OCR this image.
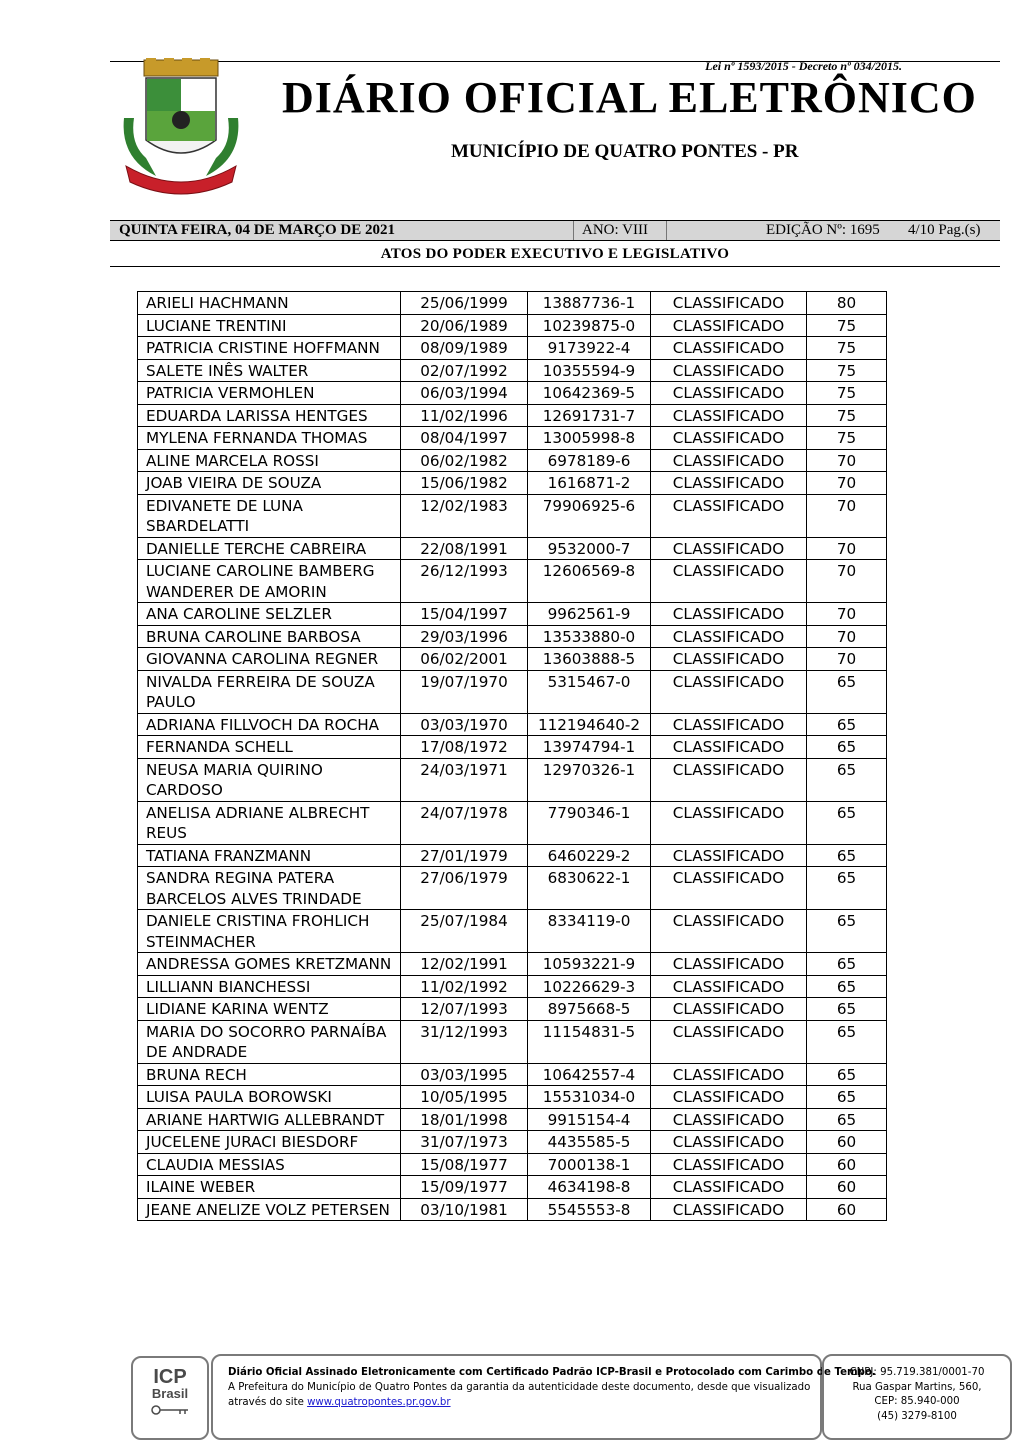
Lei nº 1593/2015 - Decreto nº 034/2015.
DIÁRIO OFICIAL ELETRÔNICO
MUNICÍPIO DE QUATRO PONTES - PR
QUINTA FEIRA, 04 DE MARÇO DE 2021	ANO: VIII	EDIÇÃO Nº: 1695 4/10 Pag.(s)
ATOS DO PODER EXECUTIVO E LEGISLATIVO
ARIELI HACHMANN	25/06/1999	13887736-1	CLASSIFICADO	80
LUCIANE TRENTINI	20/06/1989	10239875-0	CLASSIFICADO	75
PATRICIA CRISTINE HOFFMANN	08/09/1989	9173922-4	CLASSIFICADO	75
SALETE INÊS WALTER	02/07/1992	10355594-9	CLASSIFICADO	75
PATRICIA VERMOHLEN	06/03/1994	10642369-5	CLASSIFICADO	75
EDUARDA LARISSA HENTGES	11/02/1996	12691731-7	CLASSIFICADO	75
MYLENA FERNANDA THOMAS	08/04/1997	13005998-8	CLASSIFICADO	75
ALINE MARCELA ROSSI	06/02/1982	6978189-6	CLASSIFICADO	70
JOAB VIEIRA DE SOUZA	15/06/1982	1616871-2	CLASSIFICADO	70
EDIVANETE DE LUNA SBARDELATTI	12/02/1983	79906925-6	CLASSIFICADO	70
DANIELLE TERCHE CABREIRA	22/08/1991	9532000-7	CLASSIFICADO	70
LUCIANE CAROLINE BAMBERG WANDERER DE AMORIN	26/12/1993	12606569-8	CLASSIFICADO	70
ANA CAROLINE SELZLER	15/04/1997	9962561-9	CLASSIFICADO	70
BRUNA CAROLINE BARBOSA	29/03/1996	13533880-0	CLASSIFICADO	70
GIOVANNA CAROLINA REGNER	06/02/2001	13603888-5	CLASSIFICADO	70
NIVALDA FERREIRA DE SOUZA PAULO	19/07/1970	5315467-0	CLASSIFICADO	65
ADRIANA FILLVOCH DA ROCHA	03/03/1970	112194640-2	CLASSIFICADO	65
FERNANDA SCHELL	17/08/1972	13974794-1	CLASSIFICADO	65
NEUSA MARIA QUIRINO CARDOSO	24/03/1971	12970326-1	CLASSIFICADO	65
ANELISA ADRIANE ALBRECHT REUS	24/07/1978	7790346-1	CLASSIFICADO	65
TATIANA FRANZMANN	27/01/1979	6460229-2	CLASSIFICADO	65
SANDRA REGINA PATERA BARCELOS ALVES TRINDADE	27/06/1979	6830622-1	CLASSIFICADO	65
DANIELE CRISTINA FROHLICH STEINMACHER	25/07/1984	8334119-0	CLASSIFICADO	65
ANDRESSA GOMES KRETZMANN	12/02/1991	10593221-9	CLASSIFICADO	65
LILLIANN BIANCHESSI	11/02/1992	10226629-3	CLASSIFICADO	65
LIDIANE KARINA WENTZ	12/07/1993	8975668-5	CLASSIFICADO	65
MARIA DO SOCORRO PARNAÍBA DE ANDRADE	31/12/1993	11154831-5	CLASSIFICADO	65
BRUNA RECH	03/03/1995	10642557-4	CLASSIFICADO	65
LUISA PAULA BOROWSKI	10/05/1995	15531034-0	CLASSIFICADO	65
ARIANE HARTWIG ALLEBRANDT	18/01/1998	9915154-4	CLASSIFICADO	65
JUCELENE JURACI BIESDORF	31/07/1973	4435585-5	CLASSIFICADO	60
CLAUDIA MESSIAS	15/08/1977	7000138-1	CLASSIFICADO	60
ILAINE WEBER	15/09/1977	4634198-8	CLASSIFICADO	60
JEANE ANELIZE VOLZ PETERSEN	03/10/1981	5545553-8	CLASSIFICADO	60
ICP
Brasil
Diário Oficial Assinado Eletronicamente com Certificado Padrão ICP-Brasil e Protocolado com Carimbo de Tempo.
A Prefeitura do Município de Quatro Pontes da garantia da autenticidade deste documento, desde que visualizado
através do site www.quatropontes.pr.gov.br
CNPJ: 95.719.381/0001-70
Rua Gaspar Martins, 560,
CEP: 85.940-000
(45) 3279-8100
